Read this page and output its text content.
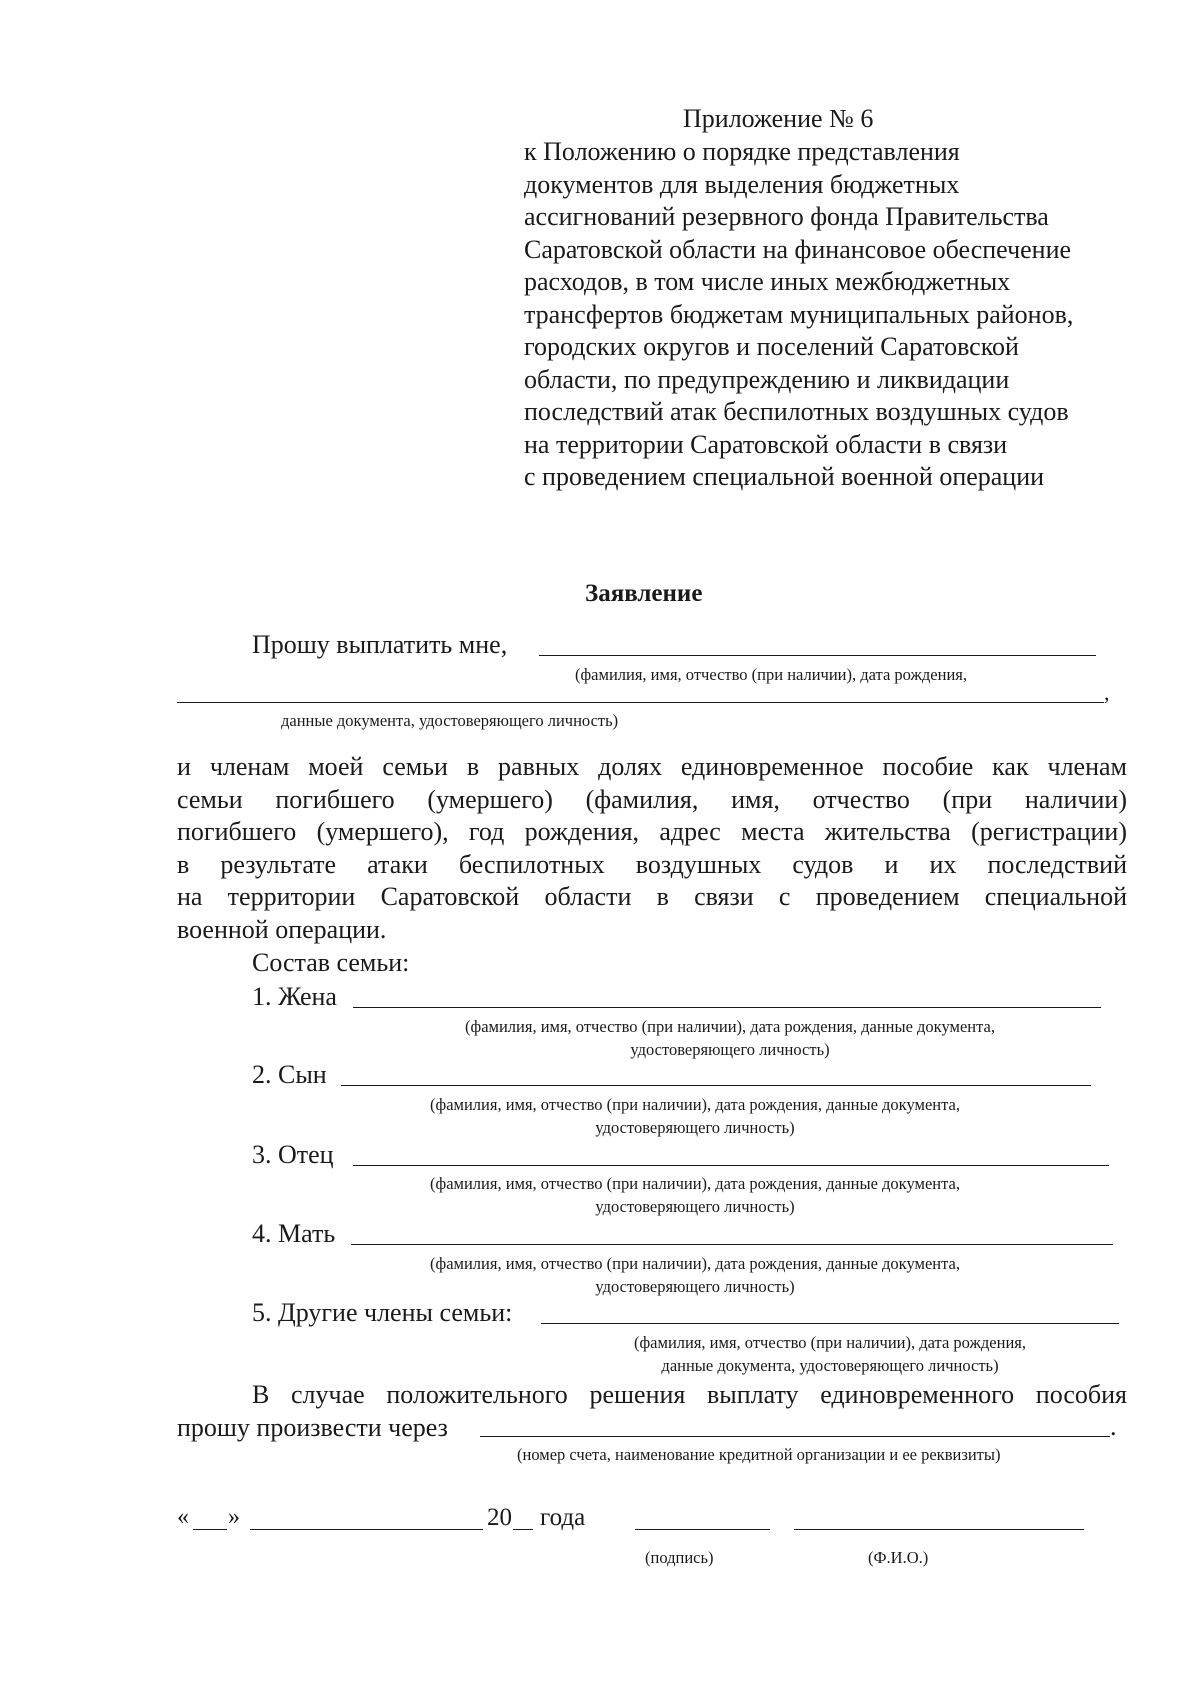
Приложение № 6
к Положению о порядке представления
документов для выделения бюджетных
ассигнований резервного фонда Правительства
Саратовской области на финансовое обеспечение
расходов, в том числе иных межбюджетных
трансфертов бюджетам муниципальных районов,
городских округов и поселений Саратовской
области, по предупреждению и ликвидации
последствий атак беспилотных воздушных судов
на территории Саратовской области в связи
с проведением специальной военной операции
Заявление
Прошу выплатить мне,
(фамилия, имя, отчество (при наличии), дата рождения,
,
данные документа, удостоверяющего личность)
и членам моей семьи в равных долях единовременное пособие как членам
семьи погибшего (умершего) (фамилия, имя, отчество (при наличии)
погибшего (умершего), год рождения, адрес места жительства (регистрации)
в результате атаки беспилотных воздушных судов и их последствий
на территории Саратовской области в связи с проведением специальной
военной операции.
Состав семьи:
1. Жена
(фамилия, имя, отчество (при наличии), дата рождения, данные документа,
удостоверяющего личность)
2. Сын
(фамилия, имя, отчество (при наличии), дата рождения, данные документа,
удостоверяющего личность)
3. Отец
(фамилия, имя, отчество (при наличии), дата рождения, данные документа,
удостоверяющего личность)
4. Мать
(фамилия, имя, отчество (при наличии), дата рождения, данные документа,
удостоверяющего личность)
5. Другие члены семьи:
(фамилия, имя, отчество (при наличии), дата рождения,
данные документа, удостоверяющего личность)
В случае положительного решения выплату единовременного пособия
прошу произвести через	.
(номер счета, наименование кредитной организации и ее реквизиты)
« »	20 года
(подпись)	(Ф.И.О.)
